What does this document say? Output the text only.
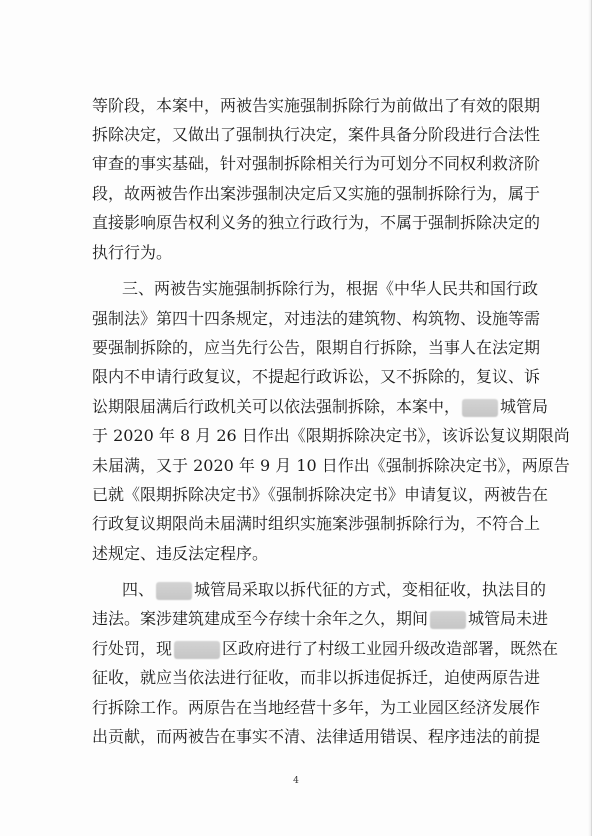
等阶段，本案中，两被告实施强制拆除行为前做出了有效的限期
拆除决定，又做出了强制执行决定，案件具备分阶段进行合法性
审查的事实基础，针对强制拆除相关行为可划分不同权利救济阶
段，故两被告作出案涉强制决定后又实施的强制拆除行为，属于
直接影响原告权利义务的独立行政行为，不属于强制拆除决定的
执行行为。
三、两被告实施强制拆除行为，根据《中华人民共和国行政
强制法》第四十四条规定，对违法的建筑物、构筑物、设施等需
要强制拆除的，应当先行公告，限期自行拆除，当事人在法定期
限内不申请行政复议，不提起行政诉讼，又不拆除的，复议、诉
讼期限届满后行政机关可以依法强制拆除，本案中，	城管局
于 2020 年 8 月 26 日作出《限期拆除决定书》，该诉讼复议期限尚
未届满，又于 2020 年 9 月 10 日作出《强制拆除决定书》，两原告
已就《限期拆除决定书》《强制拆除决定书》申请复议，两被告在
行政复议期限尚未届满时组织实施案涉强制拆除行为，不符合上
述规定、违反法定程序。
四、	城管局采取以拆代征的方式，变相征收，执法目的
违法。案涉建筑建成至今存续十余年之久，期间	城管局未进
行处罚，现	区政府进行了村级工业园升级改造部署，既然在
征收，就应当依法进行征收，而非以拆违促拆迁，迫使两原告进
行拆除工作。两原告在当地经营十多年，为工业园区经济发展作
出贡献，而两被告在事实不清、法律适用错误、程序违法的前提
4
